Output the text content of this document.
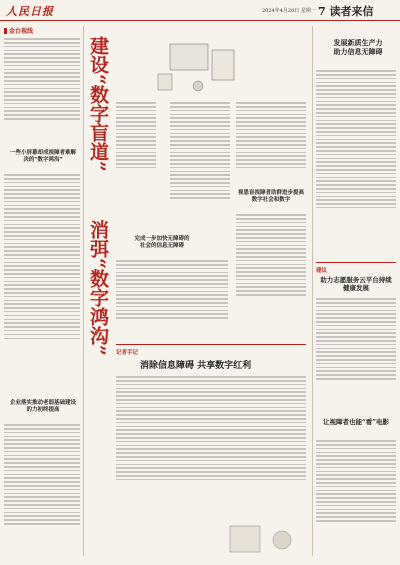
人民日报	2024年4月20日 星期一 7 读者来信
金台视线
一些小屏幕却成视障者难解决的“数字鸿沟”
企业落实推动老弱基础建设的力初终提高
建设“数字盲道”
消弭“数字鸿沟”
视患盲视障者助群进步提高数字社会和数字
完成一步加快无障碍的社会的信息无障碍
记者手记
消除信息障碍 共享数字红利
发展新质生产力
助力信息无障碍
建议
助力志愿服务云平台持续健康发展
让视障者也能“看”电影
